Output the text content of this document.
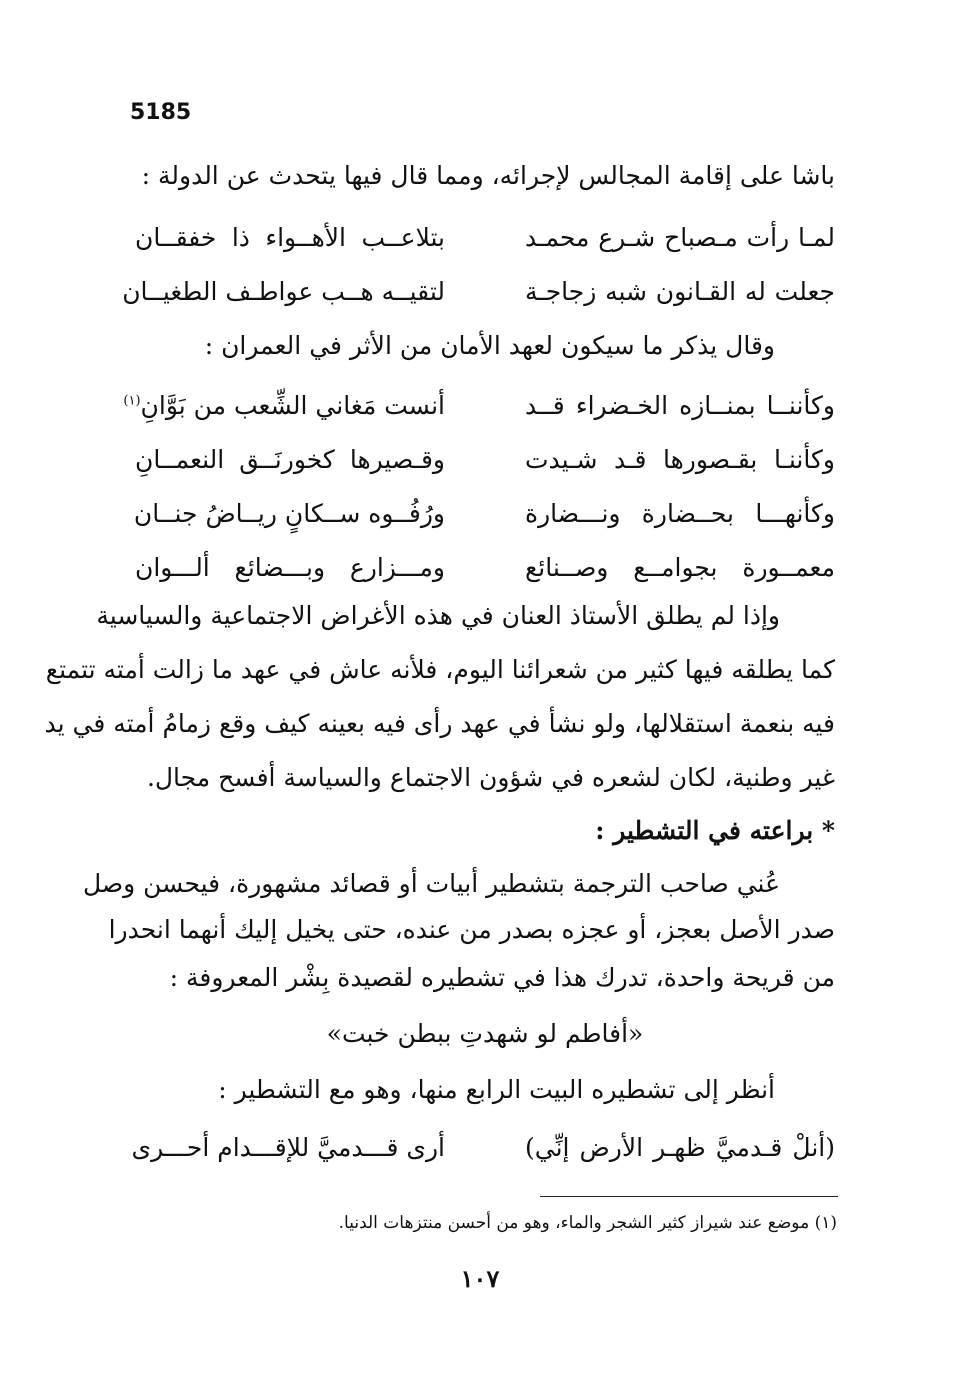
5185
باشا على إقامة المجالس لإجرائه، ومما قال فيها يتحدث عن الدولة :
لمـا رأت مـصباح شـرع محمـد
بتلاعــب الأهــواء ذا خفقــان
جعلت له القـانون شبه زجاجـة
لتقيــه هــب عواطـف الطغيــان
وقال يذكر ما سيكون لعهد الأمان من الأثر في العمران :
وكأننــا بمنــازه الخـضراء قــد
أنست مَغاني الشِّعب من بَوَّانِ$^{(١)}$
وكأننـا بقـصورها قـد شـيدت
وقـصيرها كخورنَــق النعمــانِ
وكأنهـــا بحــضارة ونـــضارة
ورُفُــوه ســكانٍ ريــاضُ جنــان
معمــورة بجوامــع وصــنائع
ومـــزارع وبـــضائع ألـــوان
وإذا لم يطلق الأستاذ العنان في هذه الأغراض الاجتماعية والسياسية
كما يطلقه فيها كثير من شعرائنا اليوم، فلأنه عاش في عهد ما زالت أمته تتمتع
فيه بنعمة استقلالها، ولو نشأ في عهد رأى فيه بعينه كيف وقع زمامُ أمته في يد
غير وطنية، لكان لشعره في شؤون الاجتماع والسياسة أفسح مجال.
* براعته في التشطير :
عُني صاحب الترجمة بتشطير أبيات أو قصائد مشهورة، فيحسن وصل
صدر الأصل بعجز، أو عجزه بصدر من عنده، حتى يخيل إليك أنهما انحدرا
من قريحة واحدة، تدرك هذا في تشطيره لقصيدة بِشْر المعروفة :
«أفاطم لو شهدتِ ببطن خبت»
أنظر إلى تشطيره البيت الرابع منها، وهو مع التشطير :
(أنلْ قـدميَّ ظهـر الأرض إنِّي)
أرى قـــدميَّ للإقـــدام أحـــرى
(١) موضع عند شيراز كثير الشجر والماء، وهو من أحسن منتزهات الدنيا.
١٠٧
